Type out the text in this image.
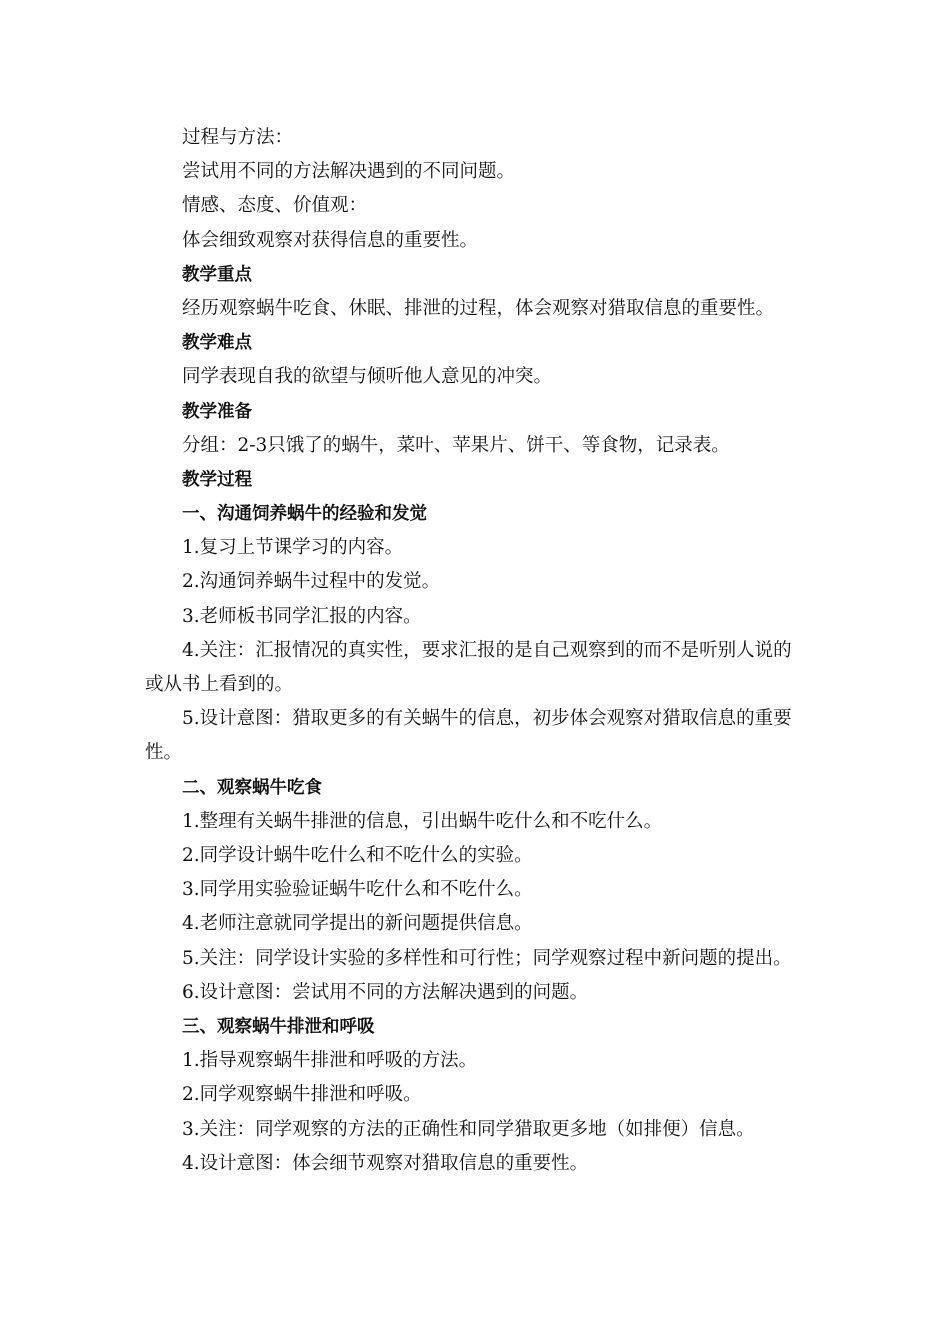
过程与方法：

尝试用不同的方法解决遇到的不同问题。

情感、态度、价值观：

体会细致观察对获得信息的重要性。

教学重点

经历观察蜗牛吃食、休眠、排泄的过程，体会观察对猎取信息的重要性。

教学难点

同学表现自我的欲望与倾听他人意见的冲突。

教学准备

分组：2-3只饿了的蜗牛，菜叶、苹果片、饼干、等食物，记录表。

教学过程

一、沟通饲养蜗牛的经验和发觉

1.复习上节课学习的内容。

2.沟通饲养蜗牛过程中的发觉。

3.老师板书同学汇报的内容。

4.关注：汇报情况的真实性，要求汇报的是自己观察到的而不是听别人说的或从书上看到的。

5.设计意图：猎取更多的有关蜗牛的信息，初步体会观察对猎取信息的重要性。

二、观察蜗牛吃食

1.整理有关蜗牛排泄的信息，引出蜗牛吃什么和不吃什么。

2.同学设计蜗牛吃什么和不吃什么的实验。

3.同学用实验验证蜗牛吃什么和不吃什么。

4.老师注意就同学提出的新问题提供信息。

5.关注：同学设计实验的多样性和可行性；同学观察过程中新问题的提出。

6.设计意图：尝试用不同的方法解决遇到的问题。

三、观察蜗牛排泄和呼吸

1.指导观察蜗牛排泄和呼吸的方法。

2.同学观察蜗牛排泄和呼吸。

3.关注：同学观察的方法的正确性和同学猎取更多地（如排便）信息。

4.设计意图：体会细节观察对猎取信息的重要性。
